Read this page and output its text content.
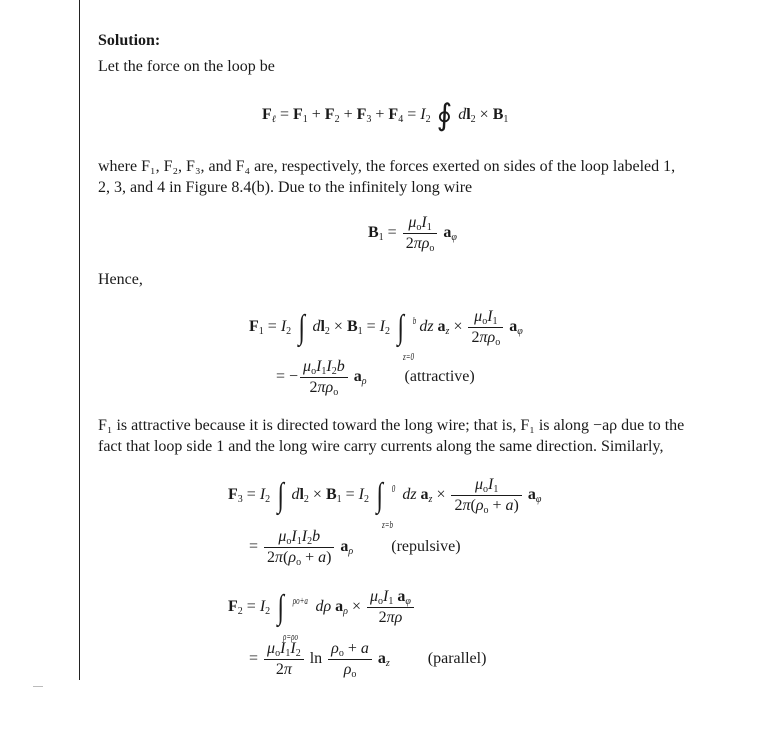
Solution:
Let the force on the loop be
$F_\ell = F_1 + F_2 + F_3 + F_4 = I_2$ ∮ $dl_2 \times B_1$
where F₁, F₂, F₃, and F₄ are, respectively, the forces exerted on sides of the loop labeled 1,
2, 3, and 4 in Figure 8.4(b). Due to the infinitely long wire
$B_1 = \frac{\mu_oI_1}{2\pi\rho_o} a_\varphi$
Hence,
$F_1 = I_2$ ∫ $dl_2 \times B_1 = I_2$ ∫ b
z=0
dz $a_z \times \frac{\mu_oI_1}{2\pi\rho_o} a_\varphi$
= − $\frac{\mu_oI_1I_2b}{2\pi\rho_o} a_\rho$ (attractive)
F₁ is attractive because it is directed toward the long wire; that is, F₁ is along −aρ due to the
fact that loop side 1 and the long wire carry currents along the same direction. Similarly,
$F_3 = I_2$ ∫ $dl_2 \times B_1 = I_2$ ∫ 0
z=b
dz $a_z \times \frac{\mu_oI_1}{2\pi(\rho_o + a)} a_\varphi$
= $\frac{\mu_oI_1I_2b}{2\pi(\rho_o + a)} a_\rho$ (repulsive)
$F_2 = I_2$ ∫ ρo+a
ρ=ρo
dρ $a_\rho \times \frac{\mu_oI_1 a_\varphi}{2\pi\rho}$
= $\frac{\mu_oI_1I_2}{2\pi}$ $\ln \frac{\rho_o + a}{\rho_o} a_z$ (parallel)
